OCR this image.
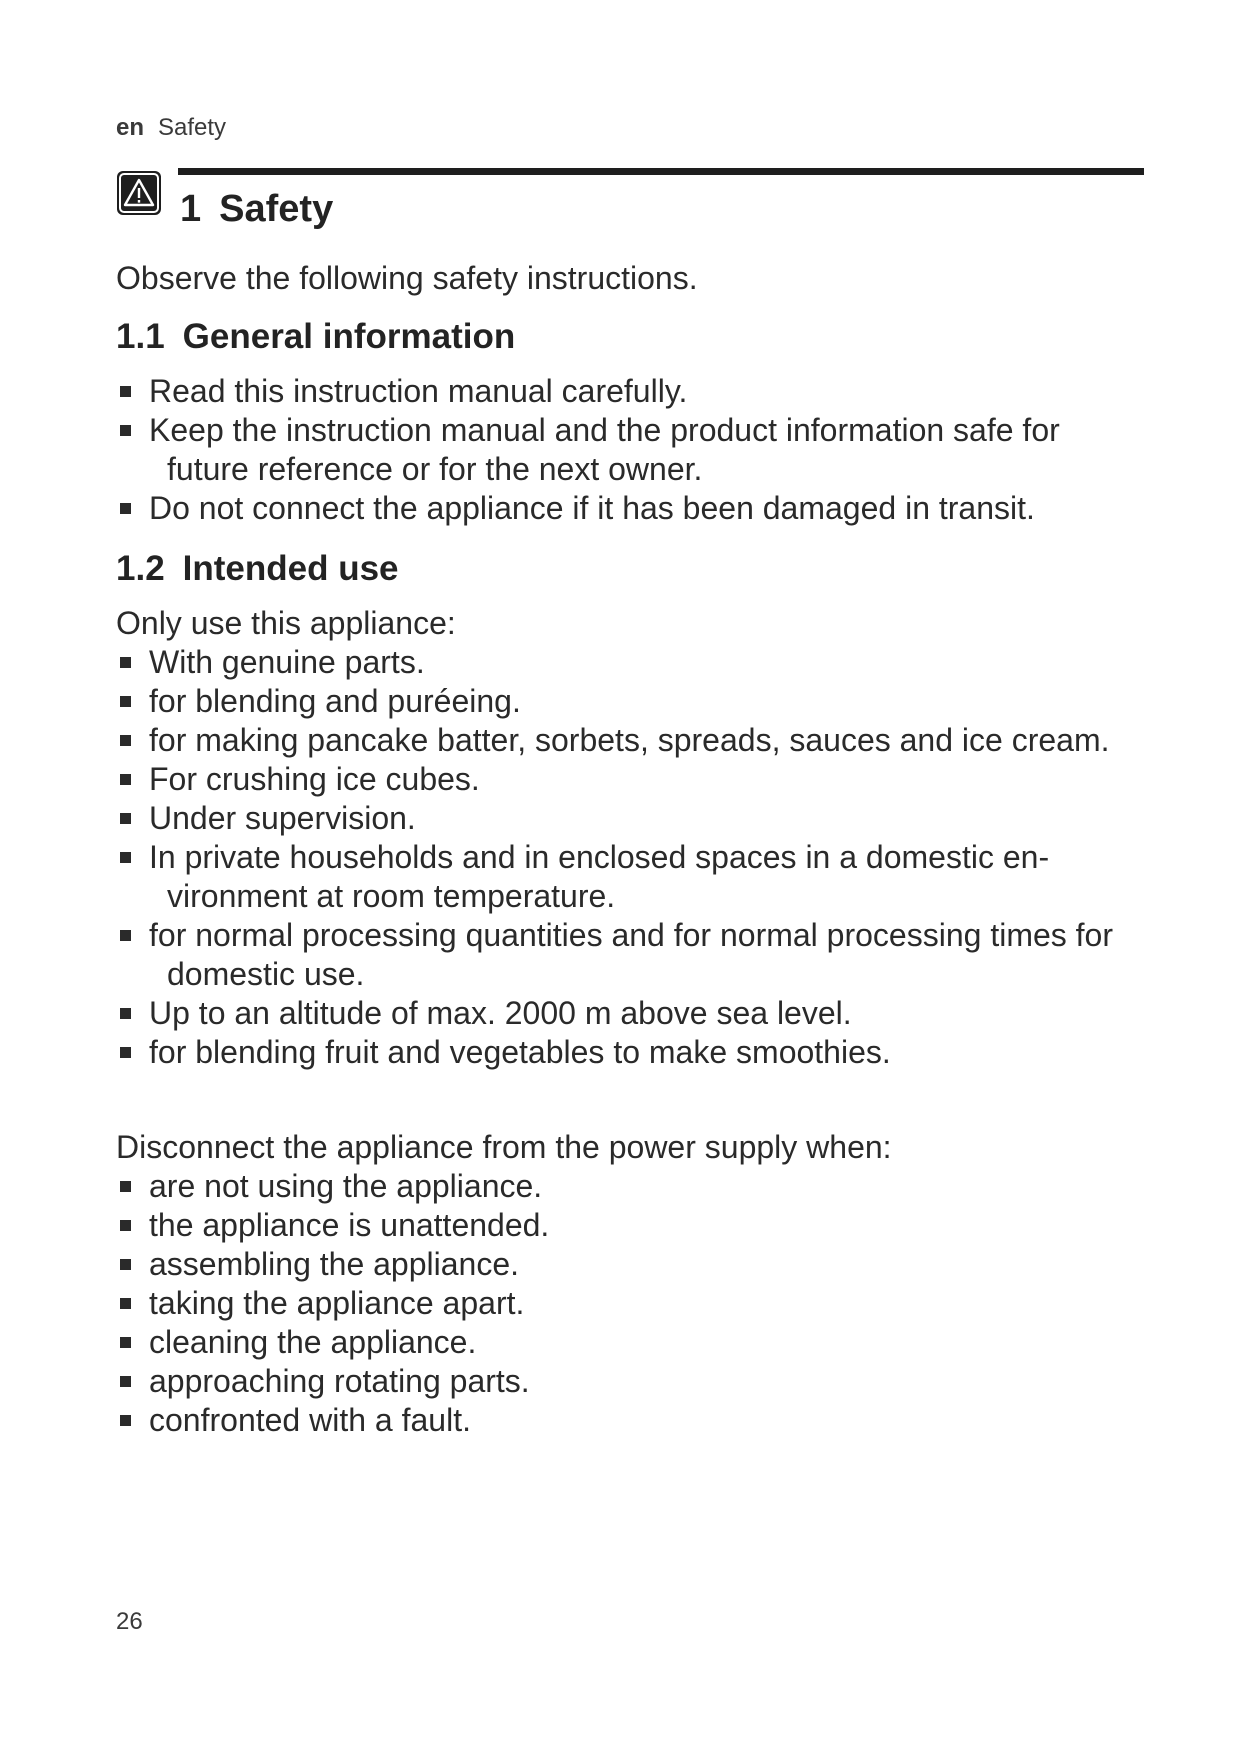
en Safety
1 Safety

Observe the following safety instructions.

1.1 General information
Read this instruction manual carefully.
Keep the instruction manual and the product information safe for future reference or for the next owner.
Do not connect the appliance if it has been damaged in transit.
1.2 Intended use

Only use this appliance:

With genuine parts.
for blending and puréeing.
for making pancake batter, sorbets, spreads, sauces and ice cream.
For crushing ice cubes.
Under supervision.
In private households and in enclosed spaces in a domestic environment at room temperature.
for normal processing quantities and for normal processing times for domestic use.
Up to an altitude of max. 2000 m above sea level.
for blending fruit and vegetables to make smoothies.

Disconnect the appliance from the power supply when:

are not using the appliance.
the appliance is unattended.
assembling the appliance.
taking the appliance apart.
cleaning the appliance.
approaching rotating parts.
confronted with a fault.
26
